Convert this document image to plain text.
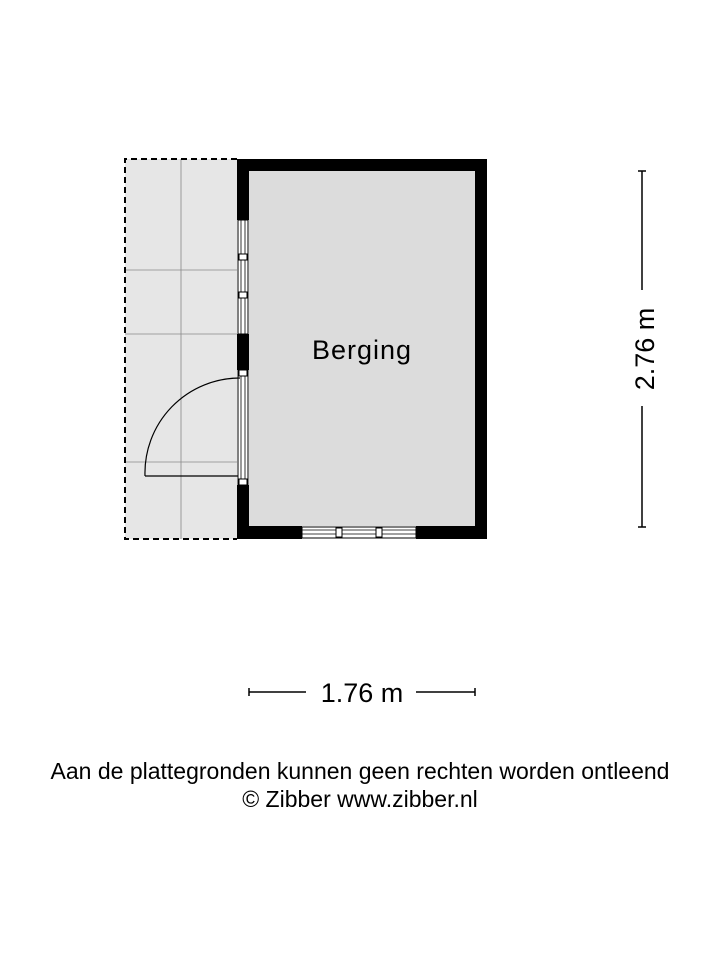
Berging	2.76 m
1.76 m
Aan de plattegronden kunnen geen rechten worden ontleend
© Zibber www.zibber.nl
